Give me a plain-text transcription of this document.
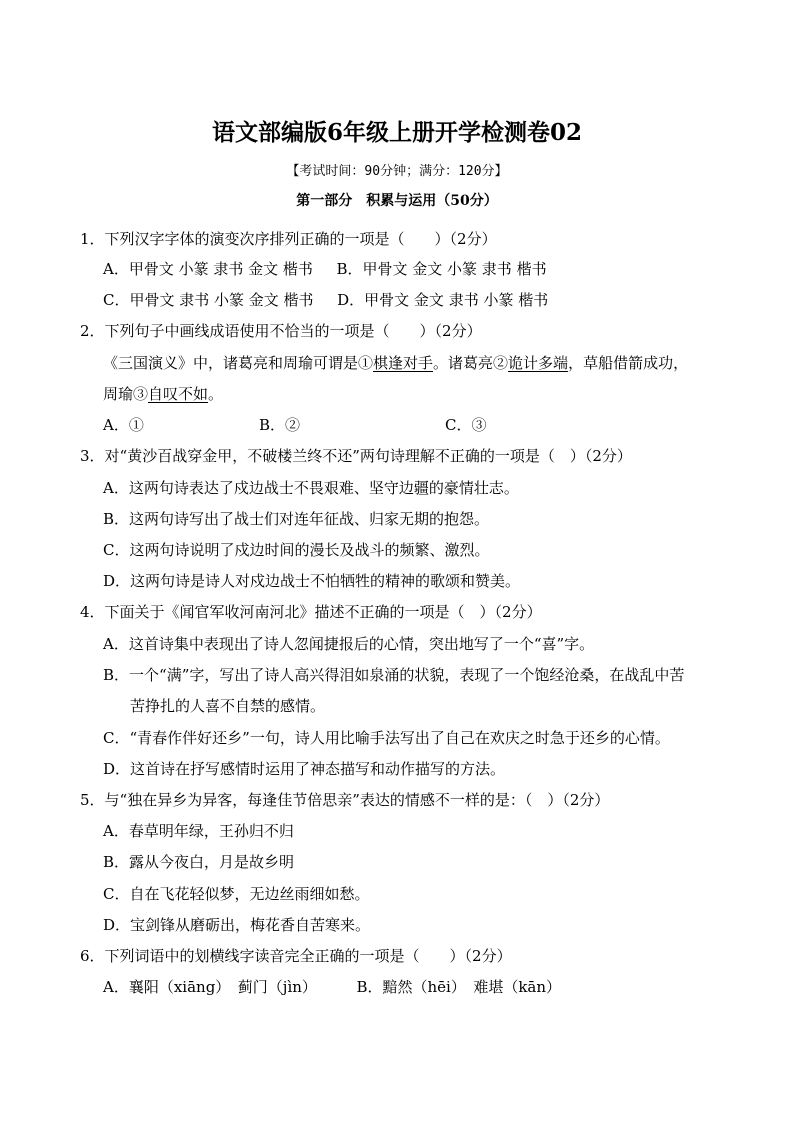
语文部编版6年级上册开学检测卷02
【考试时间：90分钟；满分：120分】
第一部分　积累与运用（50分）
1．下列汉字字体的演变次序排列正确的一项是（　　）（2分）
A．甲骨文 小篆 隶书 金文 楷书 B．甲骨文 金文 小篆 隶书 楷书
C．甲骨文 隶书 小篆 金文 楷书 D．甲骨文 金文 隶书 小篆 楷书
2．下列句子中画线成语使用不恰当的一项是（　　）（2分）
《三国演义》中，诸葛亮和周瑜可谓是①棋逢对手。诸葛亮②诡计多端，草船借箭成功，
周瑜③自叹不如。
A．①	B．②	C．③
3．对“黄沙百战穿金甲，不破楼兰终不还”两句诗理解不正确的一项是（　）（2分）
A．这两句诗表达了戍边战士不畏艰难、坚守边疆的豪情壮志。
B．这两句诗写出了战士们对连年征战、归家无期的抱怨。
C．这两句诗说明了戍边时间的漫长及战斗的频繁、激烈。
D．这两句诗是诗人对戍边战士不怕牺牲的精神的歌颂和赞美。
4．下面关于《闻官军收河南河北》描述不正确的一项是（　）（2分）
A．这首诗集中表现出了诗人忽闻捷报后的心情，突出地写了一个“喜”字。
B．一个“满”字，写出了诗人高兴得泪如泉涌的状貌，表现了一个饱经沧桑，在战乱中苦
苦挣扎的人喜不自禁的感情。
C．“青春作伴好还乡”一句，诗人用比喻手法写出了自己在欢庆之时急于还乡的心情。
D．这首诗在抒写感情时运用了神态描写和动作描写的方法。
5．与“独在异乡为异客，每逢佳节倍思亲”表达的情感不一样的是：（　）（2分）
A．春草明年绿，王孙归不归
B．露从今夜白，月是故乡明
C．自在飞花轻似梦，无边丝雨细如愁。
D．宝剑锋从磨砺出，梅花香自苦寒来。
6．下列词语中的划横线字读音完全正确的一项是（　　）（2分）
A．襄阳（xiāng）　蓟门（jìn）	B．黯然（hēi）　难堪（kān）
